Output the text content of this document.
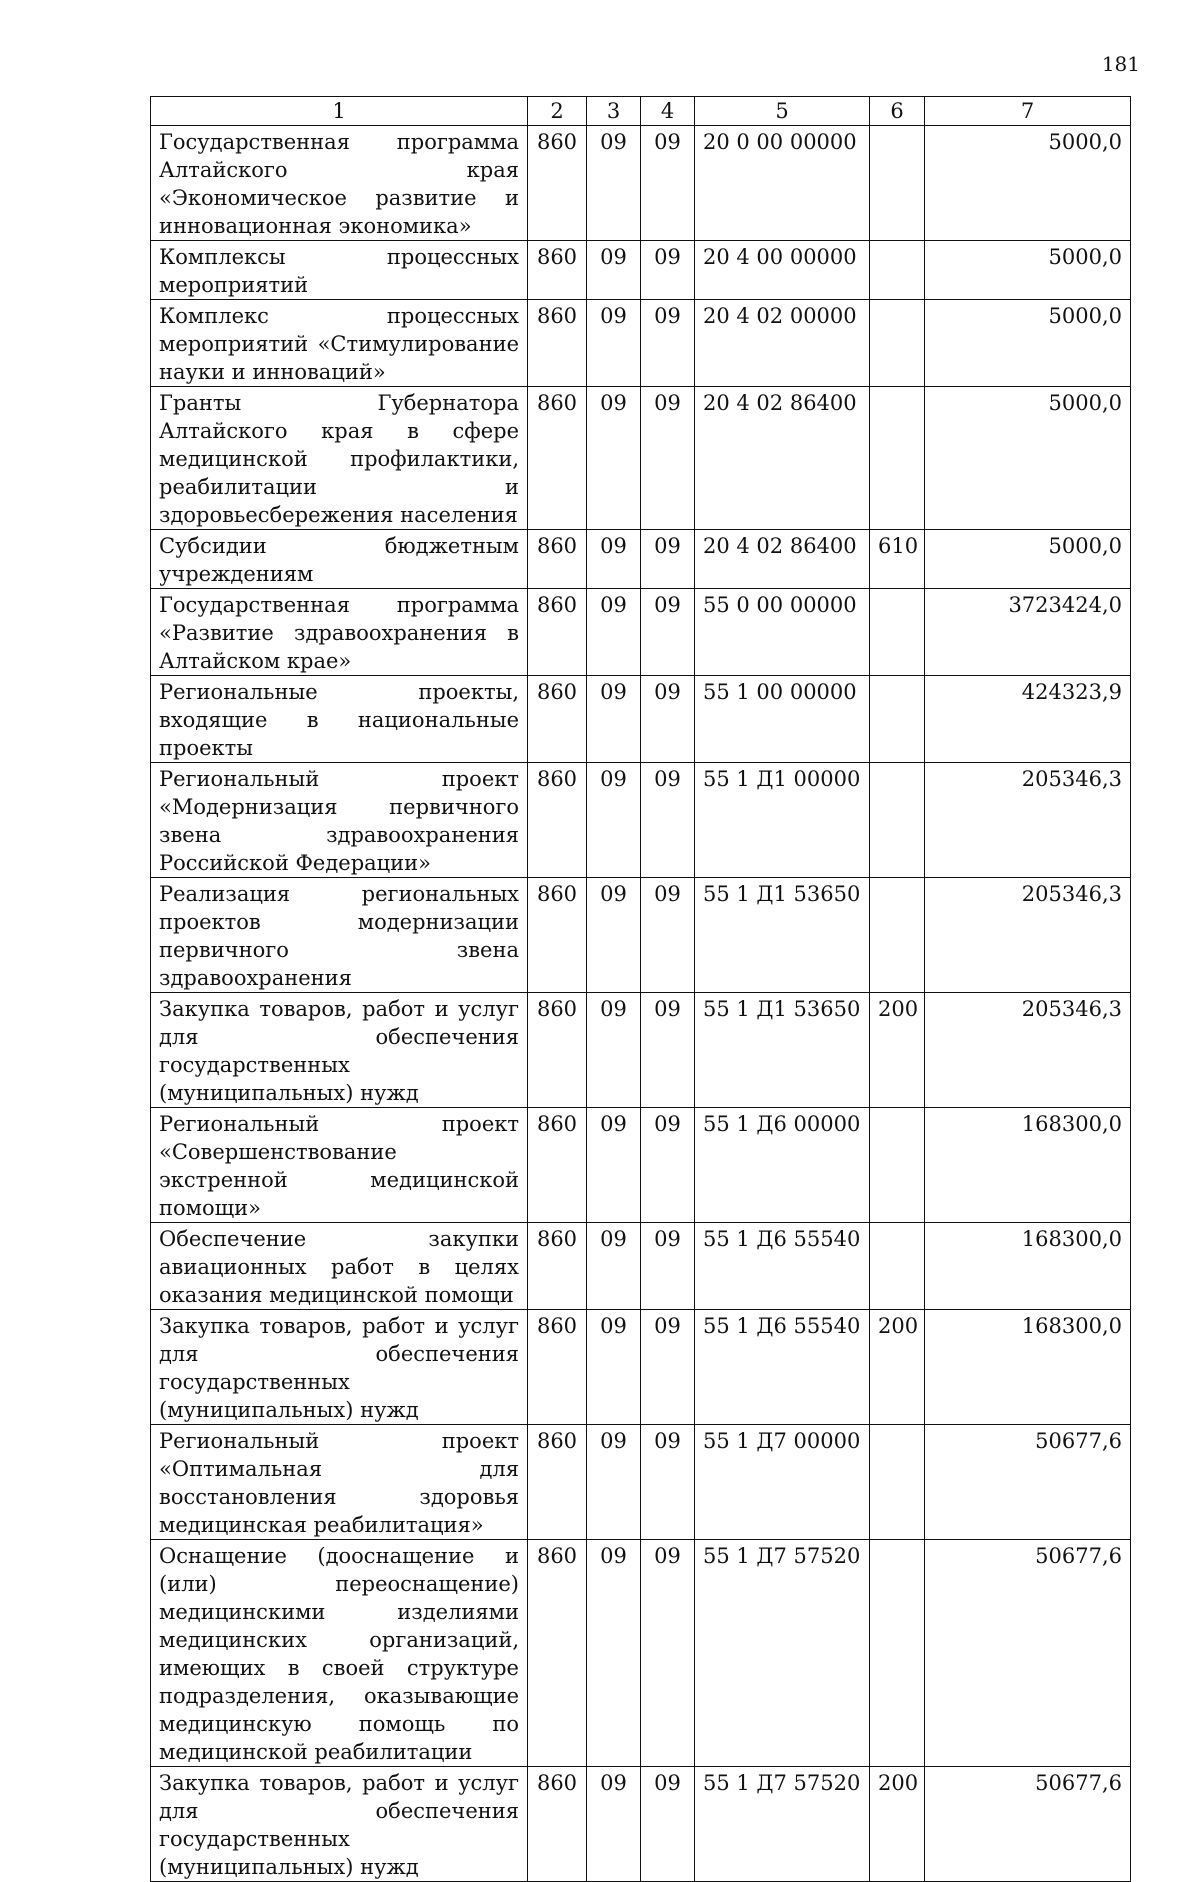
181
1	2	3	4	5	6	7
Государственная программа Алтайского края «Экономическое развитие и инновационная экономика»	860	09	09	20 0 00 00000		5000,0
Комплексы процессных мероприятий	860	09	09	20 4 00 00000		5000,0
Комплекс процессных мероприятий «Стимулирование науки и инноваций»	860	09	09	20 4 02 00000		5000,0
Гранты Губернатора Алтайского края в сфере медицинской профилактики, реабилитации и здоровьесбережения населения	860	09	09	20 4 02 86400		5000,0
Субсидии бюджетным учреждениям	860	09	09	20 4 02 86400	610	5000,0
Государственная программа «Развитие здравоохранения в Алтайском крае»	860	09	09	55 0 00 00000		3723424,0
Региональные проекты, входящие в национальные проекты	860	09	09	55 1 00 00000		424323,9
Региональный проект «Модернизация первичного звена здравоохранения Российской Федерации»	860	09	09	55 1 Д1 00000		205346,3
Реализация региональных проектов модернизации первичного звена здравоохранения	860	09	09	55 1 Д1 53650		205346,3
Закупка товаров, работ и услуг для обеспечения государственных (муниципальных) нужд	860	09	09	55 1 Д1 53650	200	205346,3
Региональный проект «Совершенствование экстренной медицинской помощи»	860	09	09	55 1 Д6 00000		168300,0
Обеспечение закупки авиационных работ в целях оказания медицинской помощи	860	09	09	55 1 Д6 55540		168300,0
Закупка товаров, работ и услуг для обеспечения государственных (муниципальных) нужд	860	09	09	55 1 Д6 55540	200	168300,0
Региональный проект «Оптимальная для восстановления здоровья медицинская реабилитация»	860	09	09	55 1 Д7 00000		50677,6
Оснащение (дооснащение и (или) переоснащение) медицинскими изделиями медицинских организаций, имеющих в своей структуре подразделения, оказывающие медицинскую помощь по медицинской реабилитации	860	09	09	55 1 Д7 57520		50677,6
Закупка товаров, работ и услуг для обеспечения государственных (муниципальных) нужд	860	09	09	55 1 Д7 57520	200	50677,6
